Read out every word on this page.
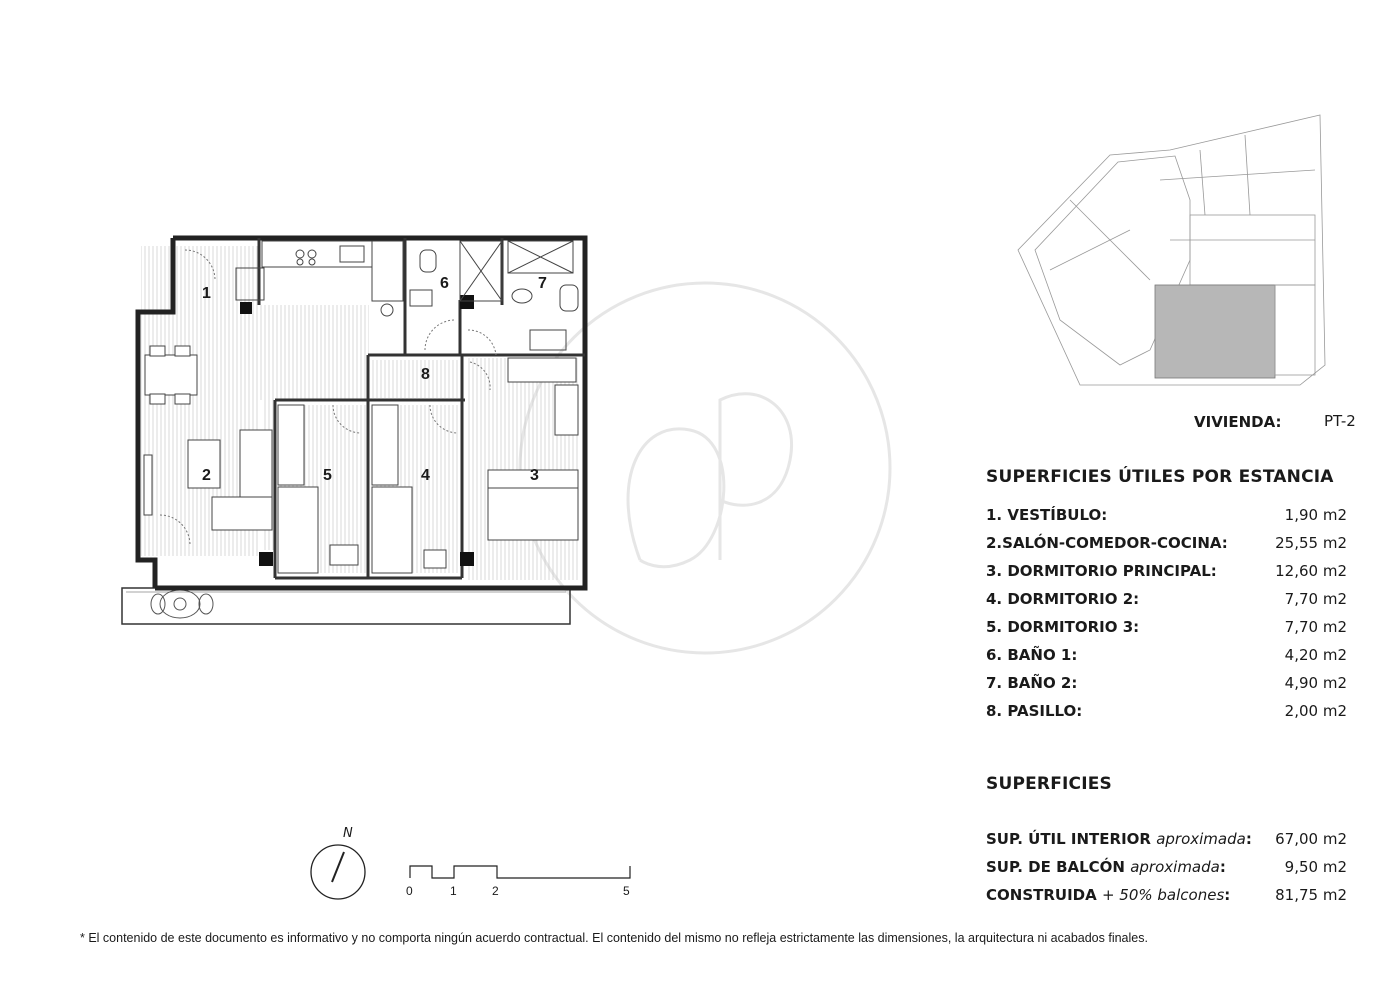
1
2	3
4
5
6	7
8
VIVIENDA:	PT-2
SUPERFICIES ÚTILES POR ESTANCIA
1. VESTÍBULO:	1,90 m2
2.SALÓN-COMEDOR-COCINA:	25,55 m2
3. DORMITORIO PRINCIPAL:	12,60 m2
4. DORMITORIO 2:	7,70 m2
5. DORMITORIO 3:	7,70 m2
6. BAÑO 1:	4,20 m2
7. BAÑO 2:	4,90 m2
8. PASILLO:	2,00 m2
SUPERFICIES
SUP. ÚTIL INTERIOR aproximada: 67,00 m2
SUP. DE BALCÓN aproximada:	9,50 m2
CONSTRUIDA + 50% balcones:	81,75 m2
N
0	1	2	5
* El contenido de este documento es informativo y no comporta ningún acuerdo contractual. El contenido del mismo no refleja estrictamente las dimensiones, la arquitectura ni acabados finales.
